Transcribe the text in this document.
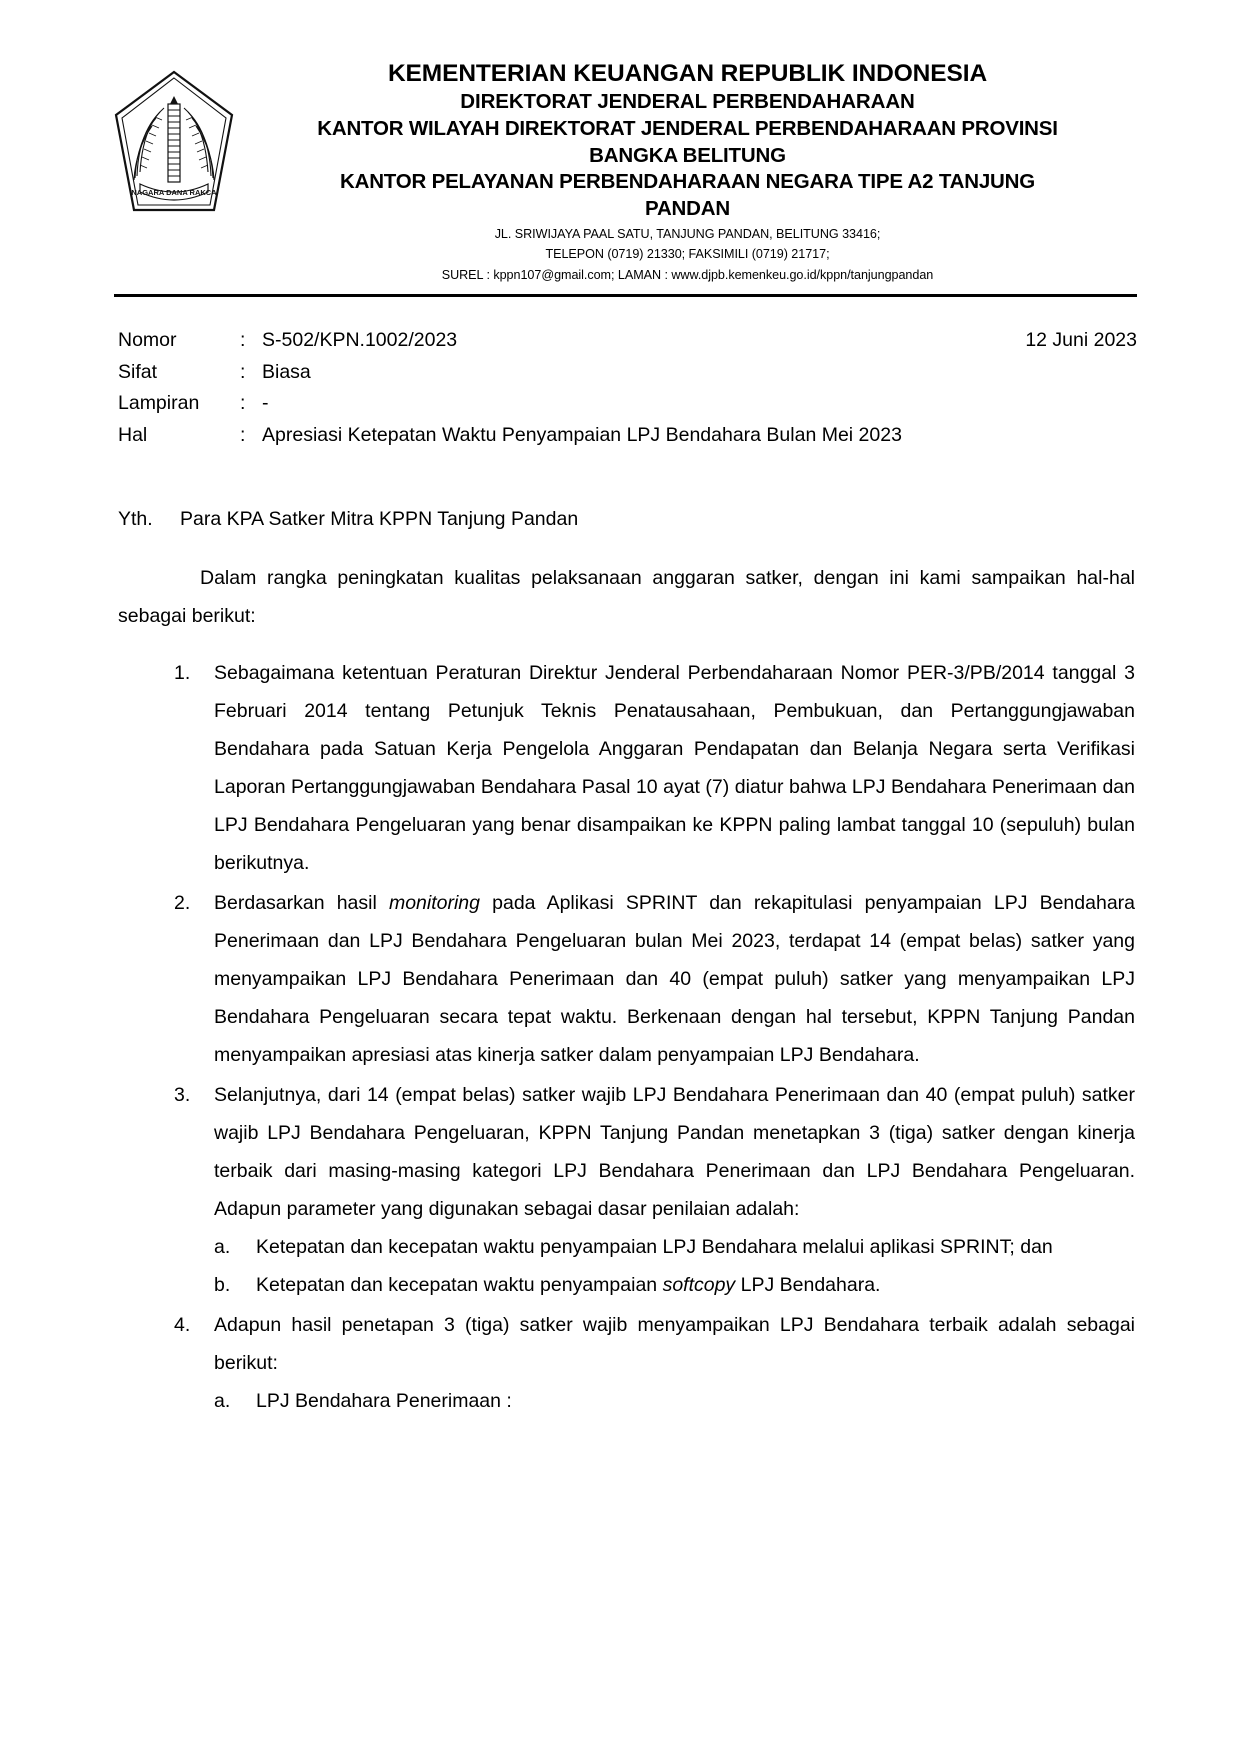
NAGARA DANA RAKCA
KEMENTERIAN KEUANGAN REPUBLIK INDONESIA
DIREKTORAT JENDERAL PERBENDAHARAAN
KANTOR WILAYAH DIREKTORAT JENDERAL PERBENDAHARAAN PROVINSI
BANGKA BELITUNG
KANTOR PELAYANAN PERBENDAHARAAN NEGARA TIPE A2 TANJUNG
PANDAN
JL. SRIWIJAYA PAAL SATU, TANJUNG PANDAN, BELITUNG 33416;
TELEPON (0719) 21330; FAKSIMILI (0719) 21717;
SUREL : kppn107@gmail.com; LAMAN : www.djpb.kemenkeu.go.id/kppn/tanjungpandan
12 Juni 2023
Nomor	: S-502/KPN.1002/2023
Sifat	: Biasa
Lampiran	: -
Hal	: Apresiasi Ketepatan Waktu Penyampaian LPJ Bendahara Bulan Mei 2023
Yth.	Para KPA Satker Mitra KPPN Tanjung Pandan

Dalam rangka peningkatan kualitas pelaksanaan anggaran satker, dengan ini kami sampaikan hal-hal sebagai berikut:

Sebagaimana ketentuan Peraturan Direktur Jenderal Perbendaharaan Nomor PER-3/PB/2014 tanggal 3 Februari 2014 tentang Petunjuk Teknis Penatausahaan, Pembukuan, dan Pertanggungjawaban Bendahara pada Satuan Kerja Pengelola Anggaran Pendapatan dan Belanja Negara serta Verifikasi Laporan Pertanggungjawaban Bendahara Pasal 10 ayat (7) diatur bahwa LPJ Bendahara Penerimaan dan LPJ Bendahara Pengeluaran yang benar disampaikan ke KPPN paling lambat tanggal 10 (sepuluh) bulan berikutnya.
Berdasarkan hasil monitoring pada Aplikasi SPRINT dan rekapitulasi penyampaian LPJ Bendahara Penerimaan dan LPJ Bendahara Pengeluaran bulan Mei 2023, terdapat 14 (empat belas) satker yang menyampaikan LPJ Bendahara Penerimaan dan 40 (empat puluh) satker yang menyampaikan LPJ Bendahara Pengeluaran secara tepat waktu. Berkenaan dengan hal tersebut, KPPN Tanjung Pandan menyampaikan apresiasi atas kinerja satker dalam penyampaian LPJ Bendahara.
Selanjutnya, dari 14 (empat belas) satker wajib LPJ Bendahara Penerimaan dan 40 (empat puluh) satker wajib LPJ Bendahara Pengeluaran, KPPN Tanjung Pandan menetapkan 3 (tiga) satker dengan kinerja terbaik dari masing-masing kategori LPJ Bendahara Penerimaan dan LPJ Bendahara Pengeluaran. Adapun parameter yang digunakan sebagai dasar penilaian adalah:
Ketepatan dan kecepatan waktu penyampaian LPJ Bendahara melalui aplikasi SPRINT; dan
Ketepatan dan kecepatan waktu penyampaian softcopy LPJ Bendahara.
Adapun hasil penetapan 3 (tiga) satker wajib menyampaikan LPJ Bendahara terbaik adalah sebagai berikut:
LPJ Bendahara Penerimaan :
